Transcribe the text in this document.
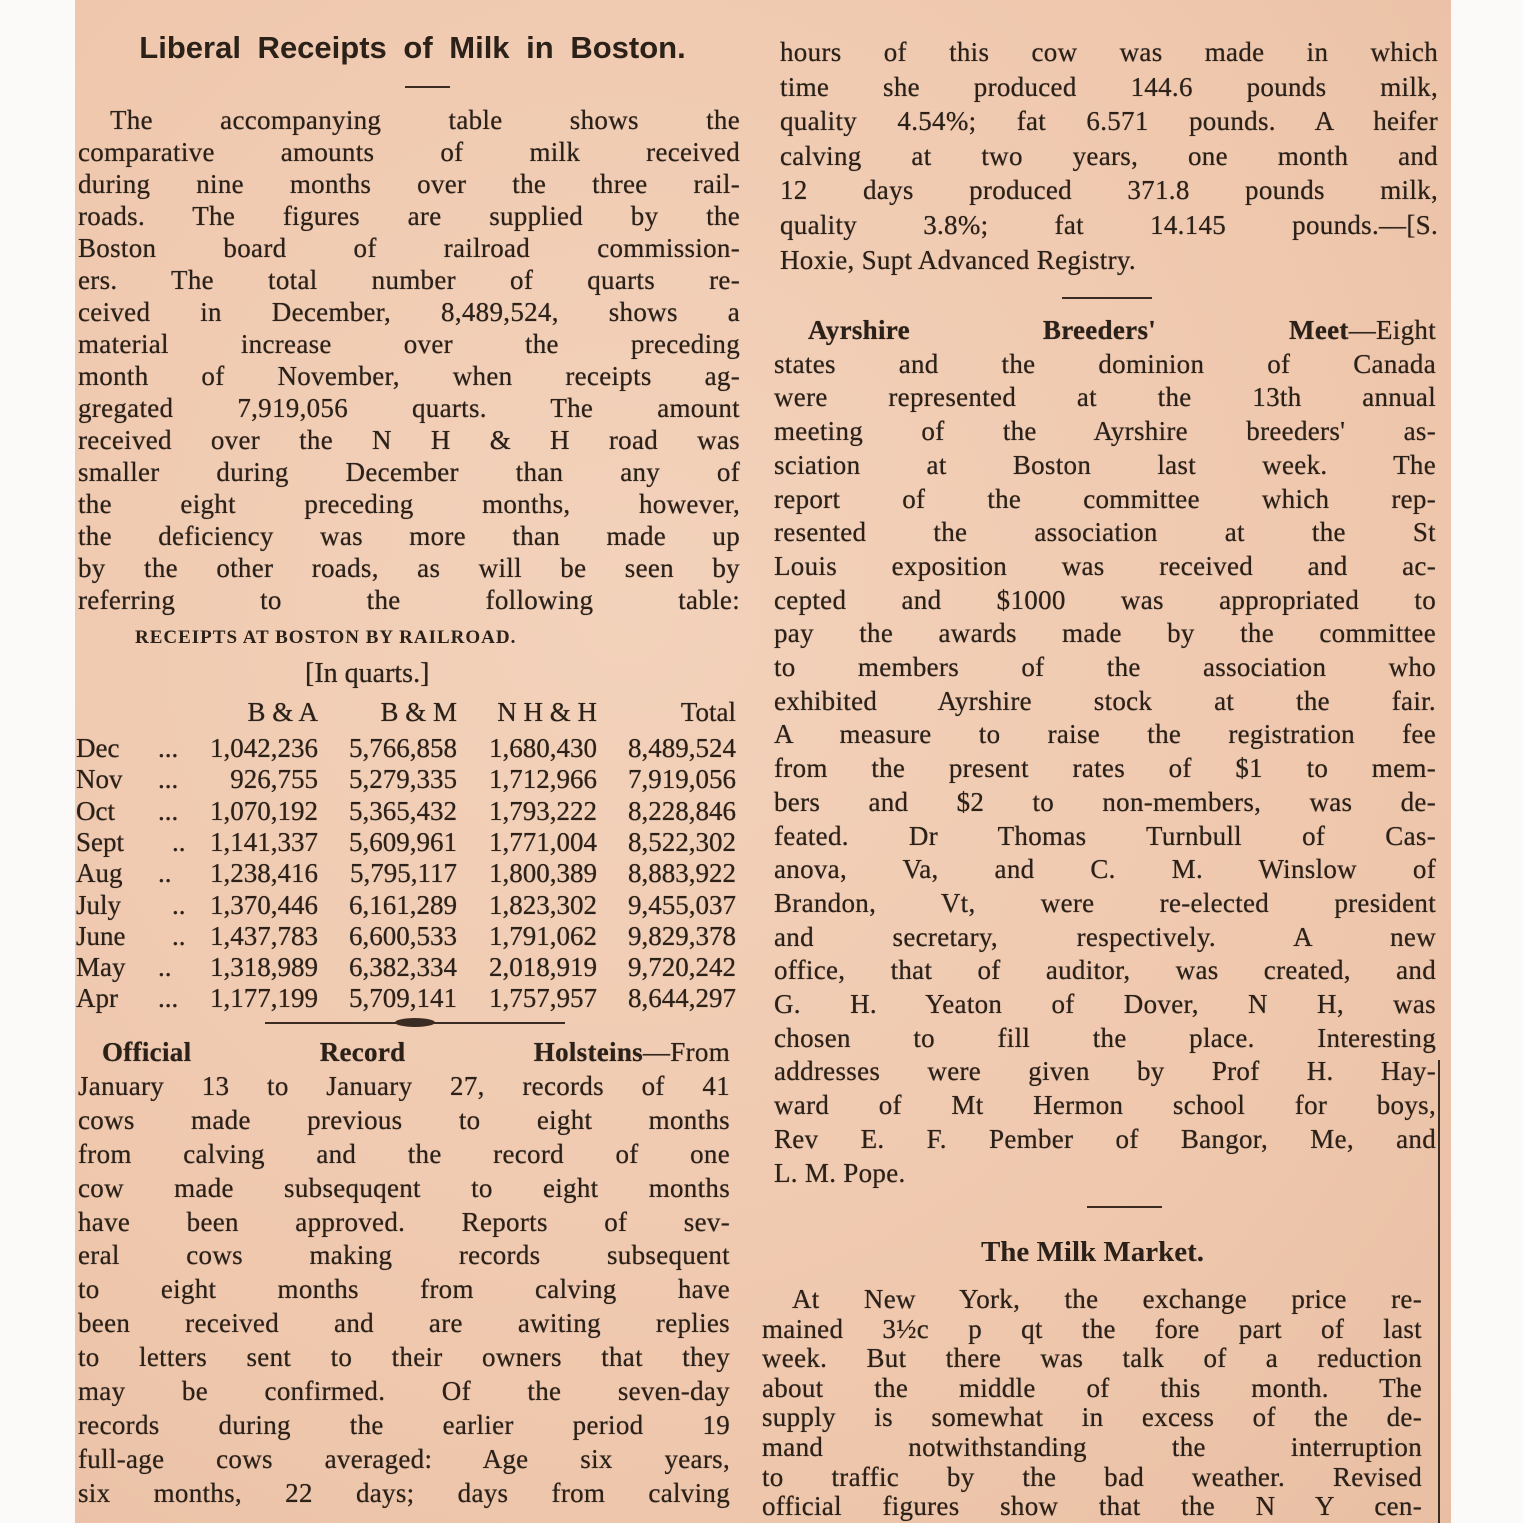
Liberal Receipts of Milk in Boston.
The accompanying table shows the
comparative amounts of milk received
during nine months over the three rail-
roads. The figures are supplied by the
Boston board of railroad commission-
ers. The total number of quarts re-
ceived in December, 8,489,524, shows a
material increase over the preceding
month of November, when receipts ag-
gregated 7,919,056 quarts. The amount
received over the N H & H road was
smaller during December than any of
the eight preceding months, however,
the deficiency was more than made up
by the other roads, as will be seen by
referring to the following table:
RECEIPTS AT BOSTON BY RAILROAD.
[In quarts.]
B & A	B & M	N H & H	Total
Dec ...	1,042,236	5,766,858	1,680,430	8,489,524
Nov ...	926,755	5,279,335	1,712,966	7,919,056
Oct ...	1,070,192	5,365,432	1,793,222	8,228,846
Sept .. 1,141,337	5,609,961	1,771,004	8,522,302
Aug ..	1,238,416	5,795,117	1,800,389	8,883,922
July .. 1,370,446	6,161,289	1,823,302	9,455,037
June .. 1,437,783	6,600,533	1,791,062	9,829,378
May ..	1,318,989	6,382,334	2,018,919	9,720,242
Apr ...	1,177,199	5,709,141	1,757,957	8,644,297
Official Record Holsteins—From
January 13 to January 27, records of 41
cows made previous to eight months
from calving and the record of one
cow made subsequqent to eight months
have been approved. Reports of sev-
eral cows making records subsequent
to eight months from calving have
been received and are awiting replies
to letters sent to their owners that they
may be confirmed. Of the seven-day
records during the earlier period 19
full-age cows averaged: Age six years,
six months, 22 days; days from calving
hours of this cow was made in which
time she produced 144.6 pounds milk,
quality 4.54%; fat 6.571 pounds. A heifer
calving at two years, one month and
12 days produced 371.8 pounds milk,
quality 3.8%; fat 14.145 pounds.—[S.
Hoxie, Supt Advanced Registry.
Ayrshire Breeders' Meet—Eight
states and the dominion of Canada
were represented at the 13th annual
meeting of the Ayrshire breeders' as-
sciation at Boston last week. The
report of the committee which rep-
resented the association at the St
Louis exposition was received and ac-
cepted and $1000 was appropriated to
pay the awards made by the committee
to members of the association who
exhibited Ayrshire stock at the fair.
A measure to raise the registration fee
from the present rates of $1 to mem-
bers and $2 to non-members, was de-
feated. Dr Thomas Turnbull of Cas-
anova, Va, and C. M. Winslow of
Brandon, Vt, were re-elected president
and secretary, respectively. A new
office, that of auditor, was created, and
G. H. Yeaton of Dover, N H, was
chosen to fill the place. Interesting
addresses were given by Prof H. Hay-
ward of Mt Hermon school for boys,
Rev E. F. Pember of Bangor, Me, and
L. M. Pope.
The Milk Market.
At New York, the exchange price re-
mained 3½c p qt the fore part of last
week. But there was talk of a reduction
about the middle of this month. The
supply is somewhat in excess of the de-
mand notwithstanding the interruption
to traffic by the bad weather. Revised
official figures show that the N Y cen-
